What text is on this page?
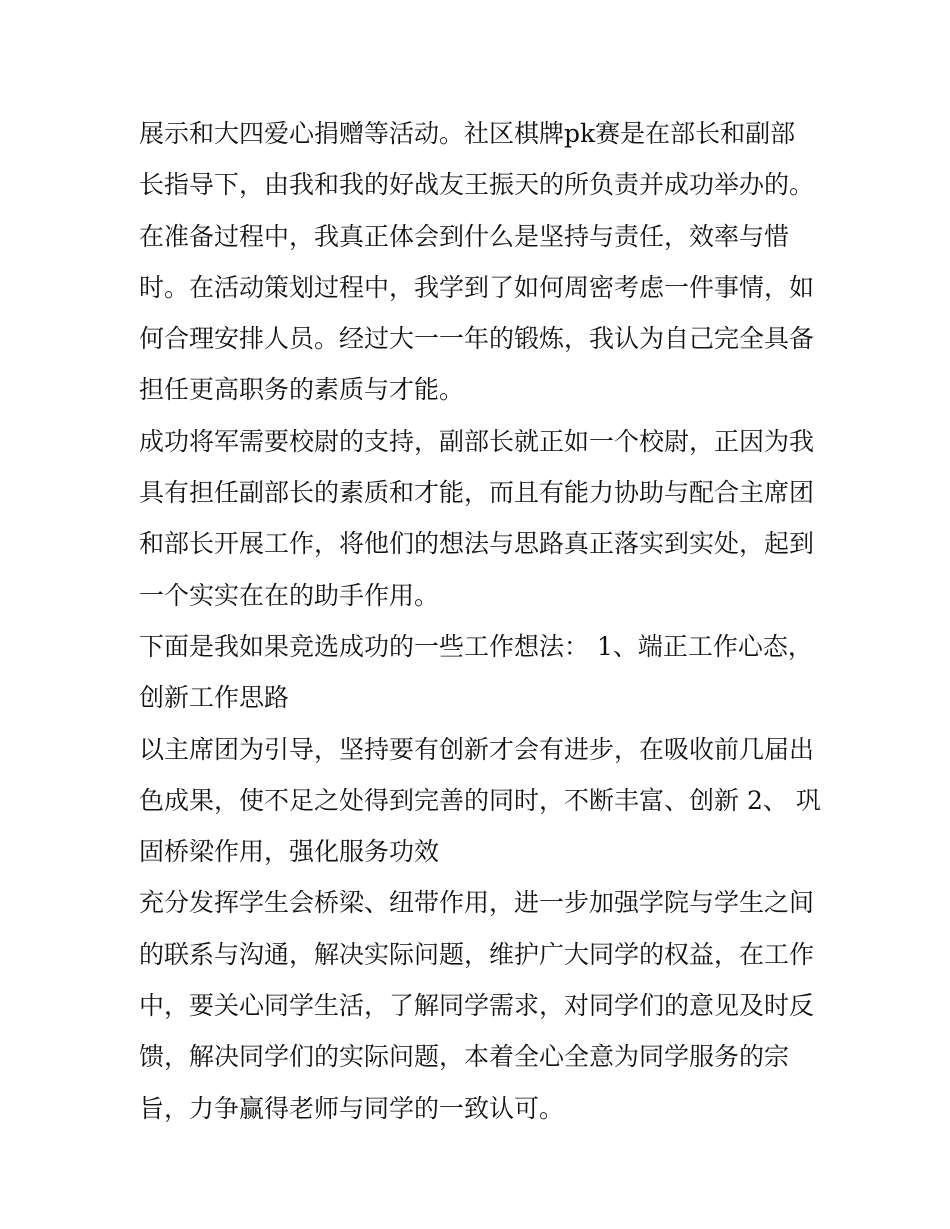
展示和大四爱心捐赠等活动。社区棋牌pk赛是在部长和副部
长指导下，由我和我的好战友王振天的所负责并成功举办的。
在准备过程中，我真正体会到什么是坚持与责任，效率与惜
时。在活动策划过程中，我学到了如何周密考虑一件事情，如
何合理安排人员。经过大一一年的锻炼，我认为自己完全具备
担任更高职务的素质与才能。
成功将军需要校尉的支持，副部长就正如一个校尉，正因为我
具有担任副部长的素质和才能，而且有能力协助与配合主席团
和部长开展工作，将他们的想法与思路真正落实到实处，起到
一个实实在在的助手作用。
下面是我如果竞选成功的一些工作想法： 1、端正工作心态，
创新工作思路
以主席团为引导，坚持要有创新才会有进步，在吸收前几届出
色成果，使不足之处得到完善的同时，不断丰富、创新 2、 巩
固桥梁作用，强化服务功效
充分发挥学生会桥梁、纽带作用，进一步加强学院与学生之间
的联系与沟通，解决实际问题，维护广大同学的权益，在工作
中，要关心同学生活，了解同学需求，对同学们的意见及时反
馈，解决同学们的实际问题，本着全心全意为同学服务的宗
旨，力争赢得老师与同学的一致认可。
